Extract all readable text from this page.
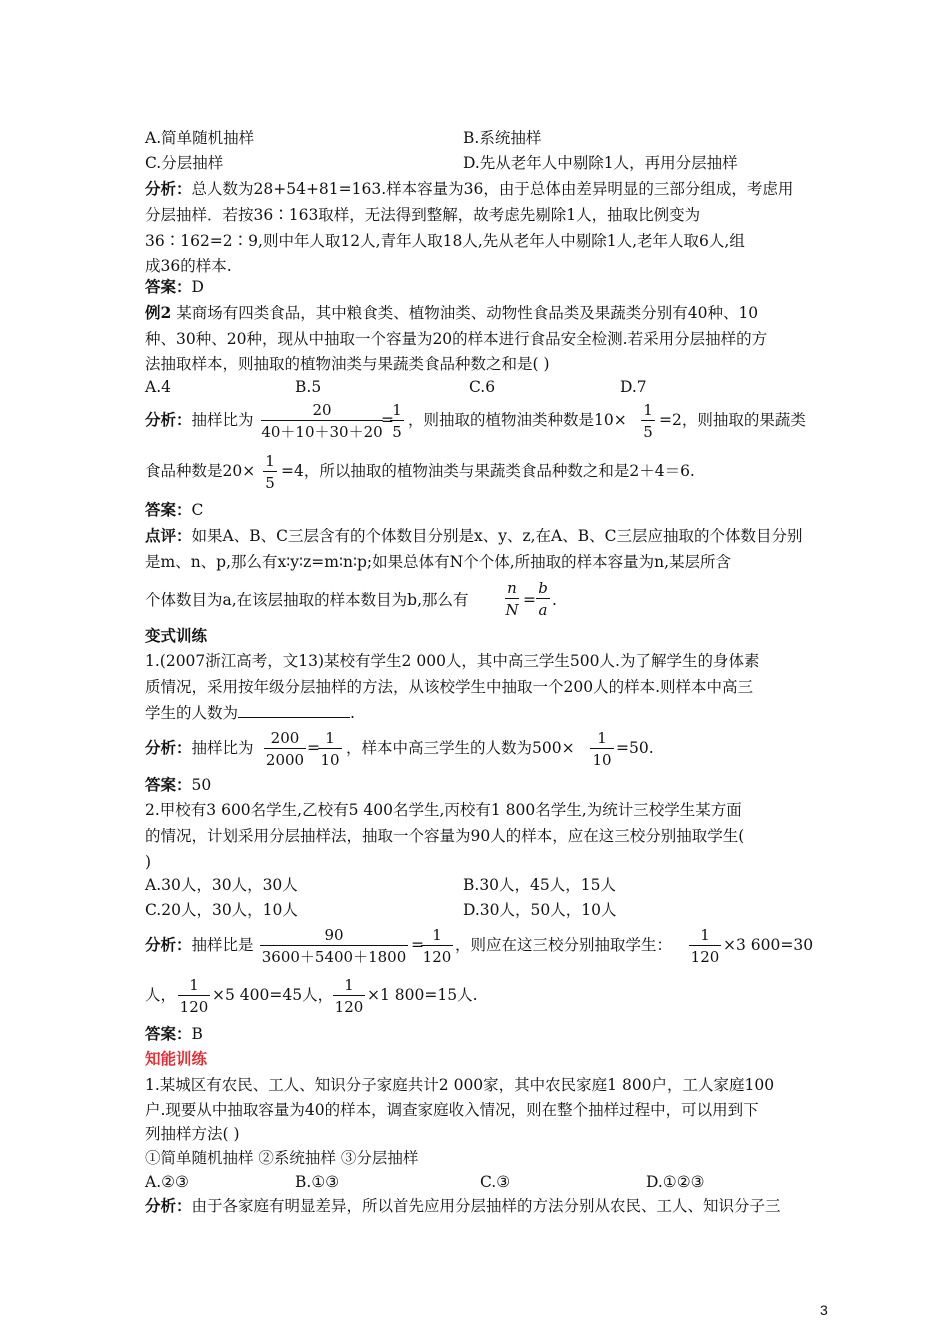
A.简单随机抽样	B.系统抽样
C.分层抽样	D.先从老年人中剔除1人，再用分层抽样
分析：总人数为28+54+81=163.样本容量为36，由于总体由差异明显的三部分组成，考虑用
分层抽样．若按36∶163取样，无法得到整解，故考虑先剔除1人，抽取比例变为
36∶162=2∶9,则中年人取12人,青年人取18人,先从老年人中剔除1人,老年人取6人,组
成36的样本.
答案：D
例2 某商场有四类食品，其中粮食类、植物油类、动物性食品类及果蔬类分别有40种、10
种、30种、20种，现从中抽取一个容量为20的样本进行食品安全检测.若采用分层抽样的方
法抽取样本，则抽取的植物油类与果蔬类食品种数之和是( )
A.4	B.5	C.6	D.7
分析：抽样比为 $\frac{20}{40+10+30+20}$
=
$\frac{1}{5}$ ，则抽取的植物油类种数是$10\times \frac{1}{5} =2$，则抽取的果蔬类
食品种数是$20\times \frac{1}{5} =4$，所以抽取的植物油类与果蔬类食品种数之和是2＋4＝6.
答案：C
点评：如果A、B、C三层含有的个体数目分别是x、y、z,在A、B、C三层应抽取的个体数目分别
是m、n、p,那么有x∶y∶z=m∶n∶p;如果总体有N个个体,所抽取的样本容量为n,某层所含
个体数目为a,在该层抽取的样本数目为b,那么有 $\frac{n}{N} = \frac{b}{a}$ .
变式训练
1.(2007浙江高考，文13)某校有学生2 000人，其中高三学生500人.为了解学生的身体素
质情况，采用按年级分层抽样的方法，从该校学生中抽取一个200人的样本.则样本中高三
学生的人数为	.
分析：抽样比为 $\frac{200}{2000}$ =
$\frac{1}{10}$ ，样本中高三学生的人数为$500\times \frac{1}{10} =50$.
答案：50
2.甲校有3 600名学生,乙校有5 400名学生,丙校有1 800名学生,为统计三校学生某方面
的情况，计划采用分层抽样法，抽取一个容量为90人的样本，应在这三校分别抽取学生(
)
A.30人，30人，30人	B.30人，45人，15人
C.20人，30人，10人	D.30人，50人，10人
分析：抽样比是 $\frac{90}{3600+5400+1800}$ =
$\frac{1}{120}$ ，则应在这三校分别抽取学生： $\frac{1}{120} \times 3$ 600=30
人， $\frac{1}{120} \times 5$ 400=45人， $\frac{1}{120} \times 1$ 800=15人.
答案：B
知能训练
1.某城区有农民、工人、知识分子家庭共计2 000家，其中农民家庭1 800户，工人家庭100
户.现要从中抽取容量为40的样本，调查家庭收入情况，则在整个抽样过程中，可以用到下
列抽样方法( )
①简单随机抽样 ②系统抽样 ③分层抽样
A.②③	B.①③	C.③	D.①②③
分析：由于各家庭有明显差异，所以首先应用分层抽样的方法分别从农民、工人、知识分子三
3
